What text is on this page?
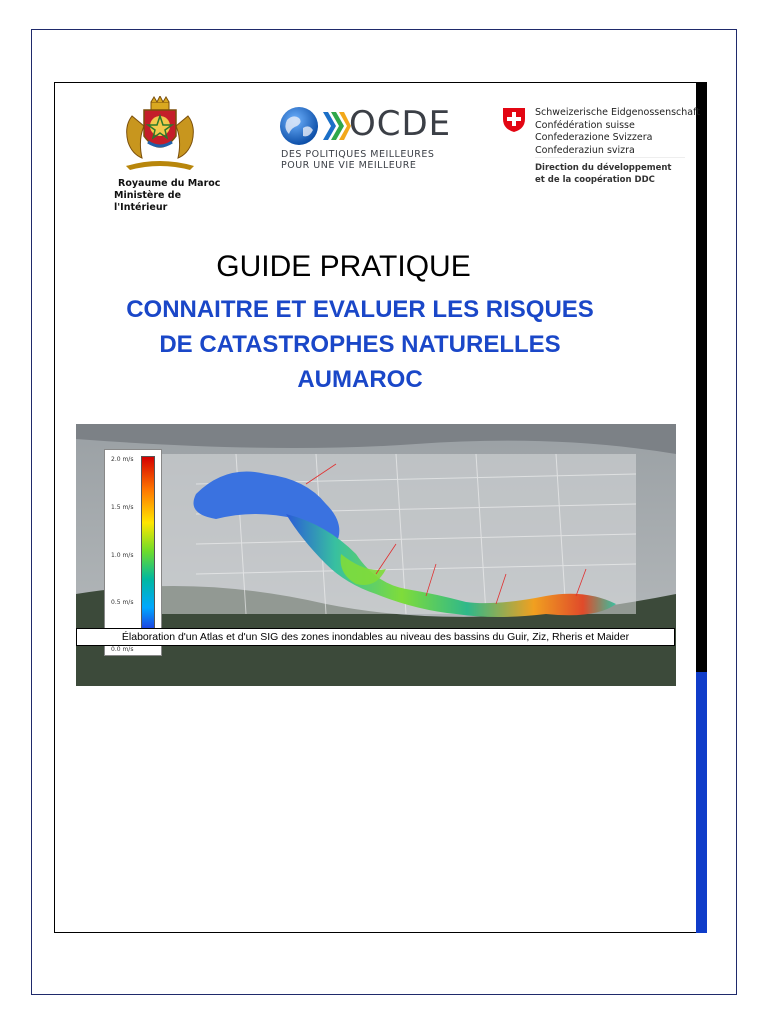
Royaume du Maroc
Ministère de l'Intérieur
OCDE
DES POLITIQUES MEILLEURES
POUR UNE VIE MEILLEURE
Schweizerische Eidgenossenschaft
Confédération suisse
Confederazione Svizzera
Confederaziun svizra
Direction du développement
et de la coopération DDC
GUIDE PRATIQUE
CONNAITRE ET EVALUER LES RISQUES
DE CATASTROPHES NATURELLES
AUMAROC
2.0 m/s
1.5 m/s
1.0 m/s
0.5 m/s
0.0 m/s
Élaboration d'un Atlas et d'un SIG des zones inondables au niveau des bassins du Guir, Ziz, Rheris et Maider
